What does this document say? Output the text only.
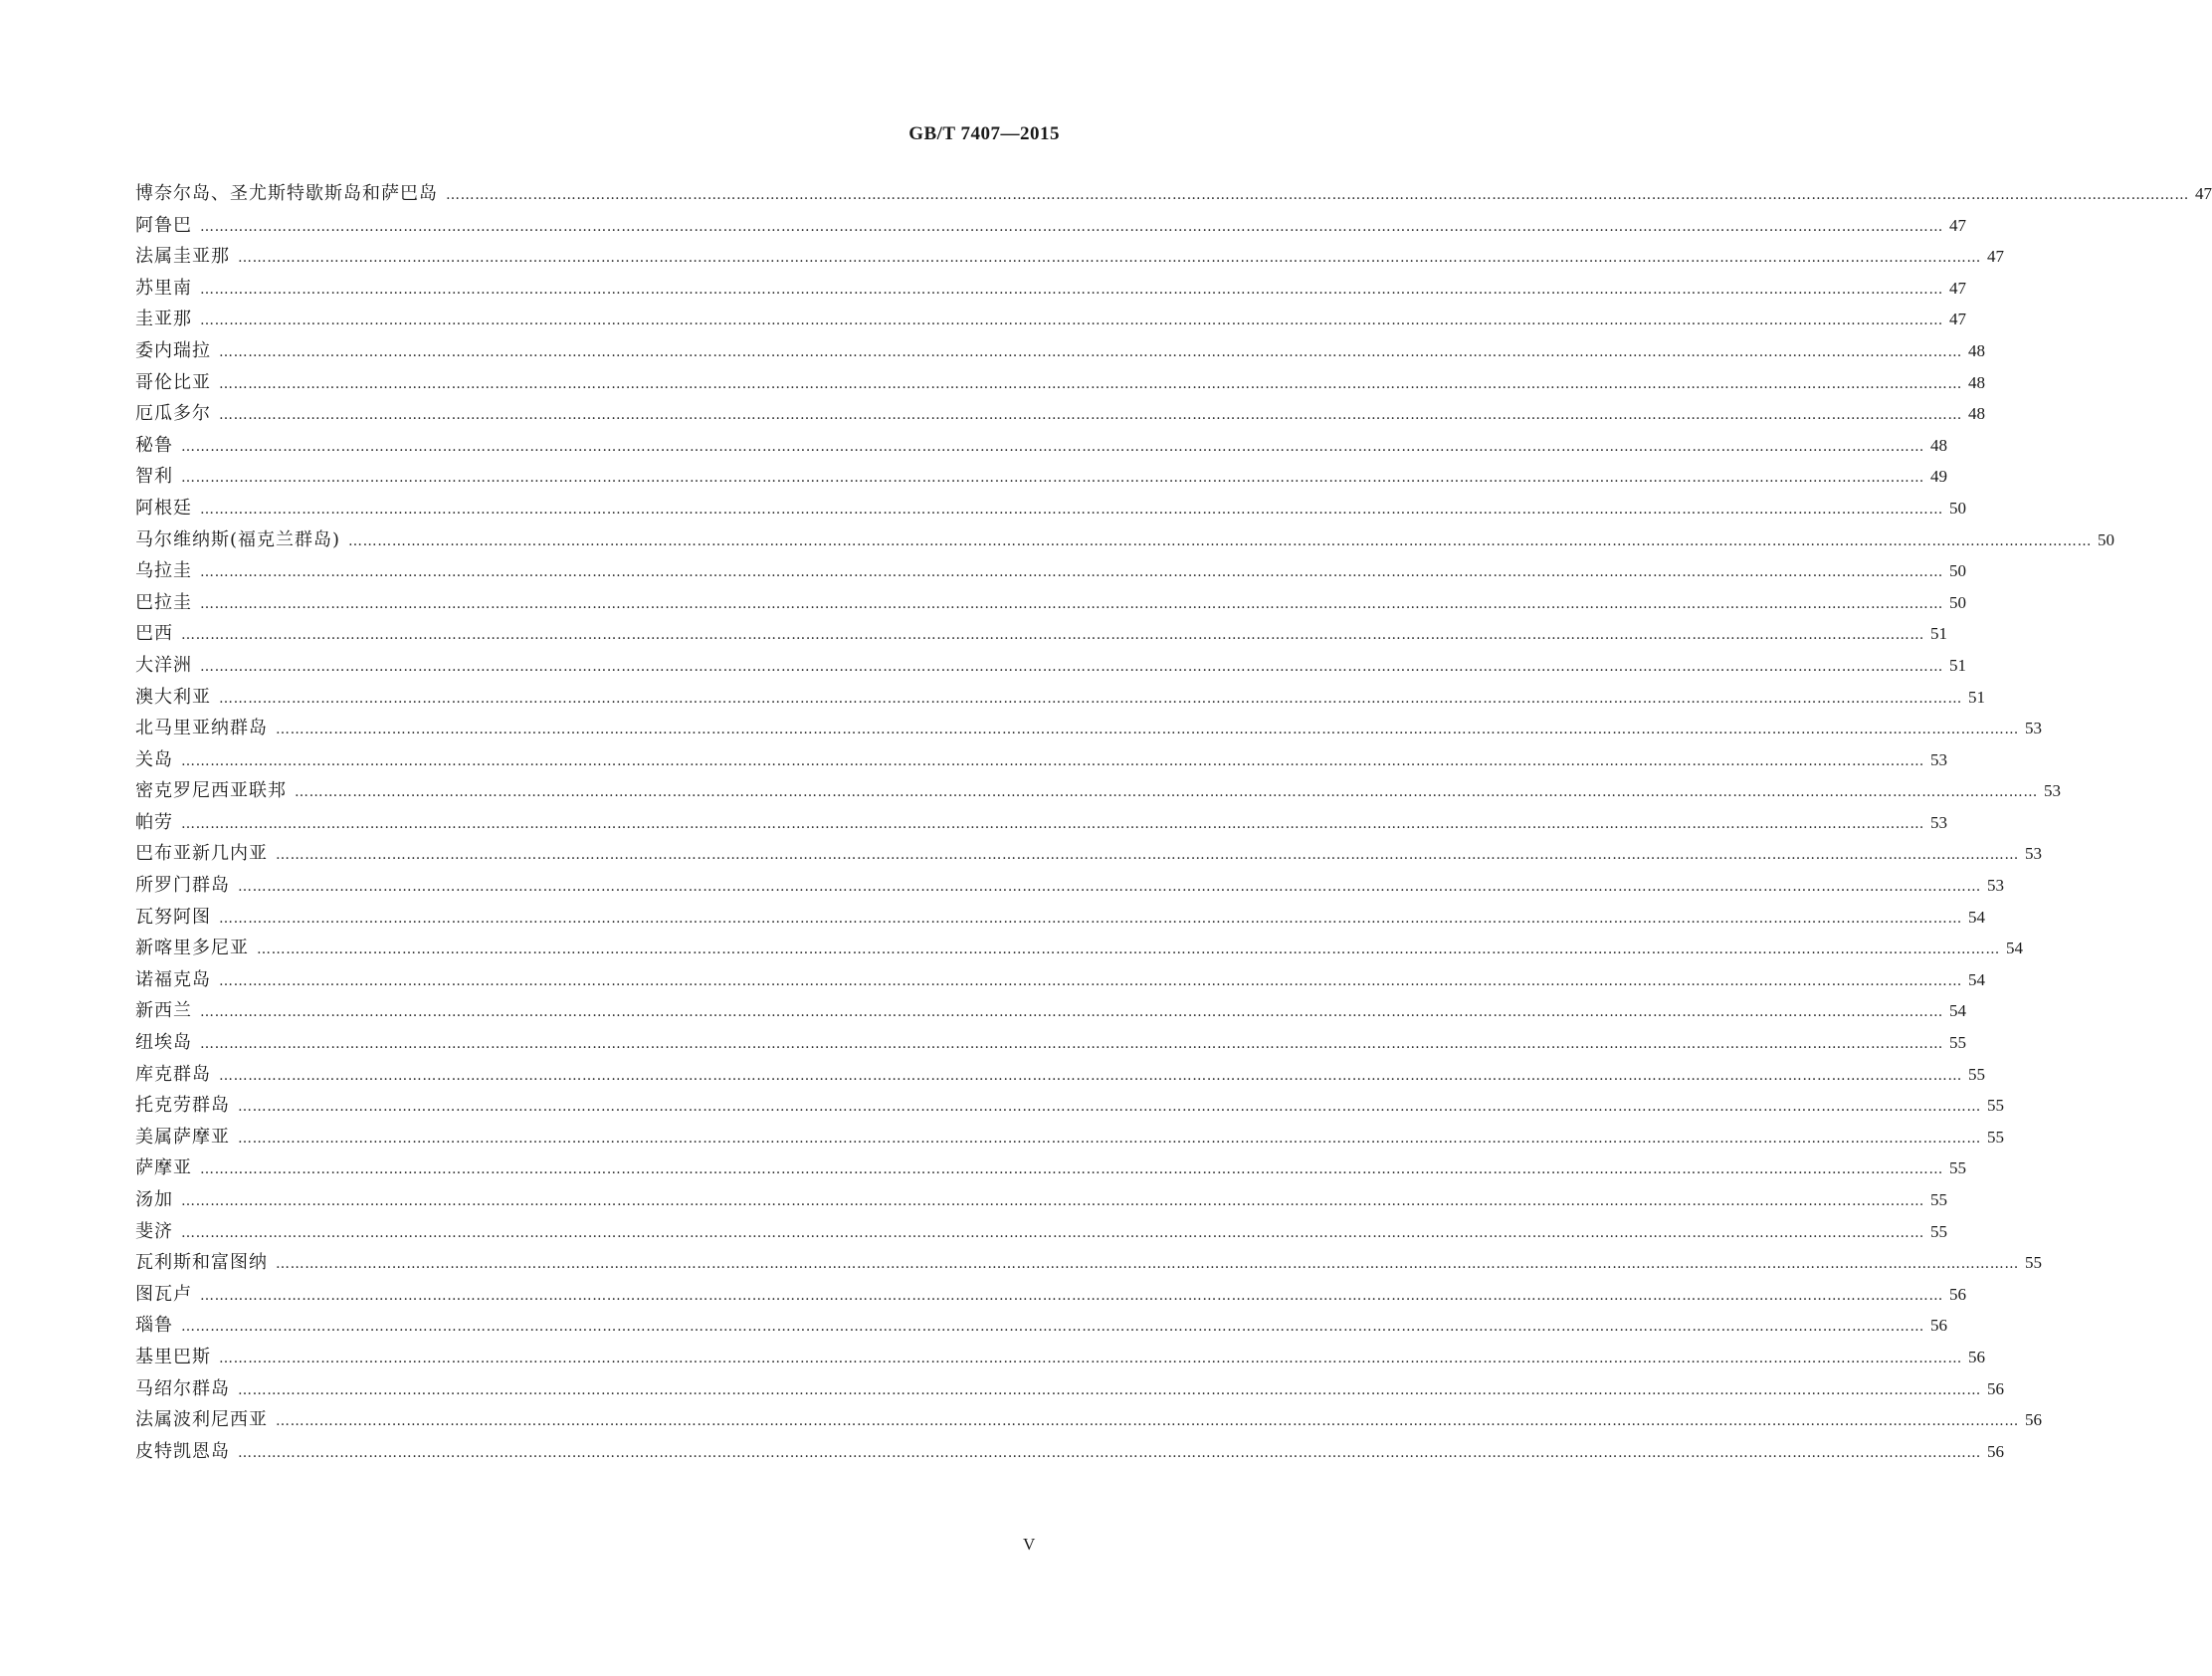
GB/T 7407—2015
博奈尔岛、圣尤斯特歇斯岛和萨巴岛 ……………………………………………………………………………………………………………………………………………………………………………………………………………………………………………………………………………………………………………………………… 47
阿鲁巴 ……………………………………………………………………………………………………………………………………………………………………………………………………………………………………………………………………………………………………………………………… 47
法属圭亚那 ……………………………………………………………………………………………………………………………………………………………………………………………………………………………………………………………………………………………………………………………… 47
苏里南 ……………………………………………………………………………………………………………………………………………………………………………………………………………………………………………………………………………………………………………………………… 47
圭亚那 ……………………………………………………………………………………………………………………………………………………………………………………………………………………………………………………………………………………………………………………………… 47
委内瑞拉 ……………………………………………………………………………………………………………………………………………………………………………………………………………………………………………………………………………………………………………………………… 48
哥伦比亚 ……………………………………………………………………………………………………………………………………………………………………………………………………………………………………………………………………………………………………………………………… 48
厄瓜多尔 ……………………………………………………………………………………………………………………………………………………………………………………………………………………………………………………………………………………………………………………………… 48
秘鲁 ……………………………………………………………………………………………………………………………………………………………………………………………………………………………………………………………………………………………………………………………… 48
智利 ……………………………………………………………………………………………………………………………………………………………………………………………………………………………………………………………………………………………………………………………… 49
阿根廷 ……………………………………………………………………………………………………………………………………………………………………………………………………………………………………………………………………………………………………………………………… 50
马尔维纳斯(福克兰群岛) ……………………………………………………………………………………………………………………………………………………………………………………………………………………………………………………………………………………………………………………………… 50
乌拉圭 ……………………………………………………………………………………………………………………………………………………………………………………………………………………………………………………………………………………………………………………………… 50
巴拉圭 ……………………………………………………………………………………………………………………………………………………………………………………………………………………………………………………………………………………………………………………………… 50
巴西 ……………………………………………………………………………………………………………………………………………………………………………………………………………………………………………………………………………………………………………………………… 51
大洋洲 ……………………………………………………………………………………………………………………………………………………………………………………………………………………………………………………………………………………………………………………………… 51
澳大利亚 ……………………………………………………………………………………………………………………………………………………………………………………………………………………………………………………………………………………………………………………………… 51
北马里亚纳群岛 ……………………………………………………………………………………………………………………………………………………………………………………………………………………………………………………………………………………………………………………………… 53
关岛 ……………………………………………………………………………………………………………………………………………………………………………………………………………………………………………………………………………………………………………………………… 53
密克罗尼西亚联邦 ……………………………………………………………………………………………………………………………………………………………………………………………………………………………………………………………………………………………………………………………… 53
帕劳 ……………………………………………………………………………………………………………………………………………………………………………………………………………………………………………………………………………………………………………………………… 53
巴布亚新几内亚 ……………………………………………………………………………………………………………………………………………………………………………………………………………………………………………………………………………………………………………………………… 53
所罗门群岛 ……………………………………………………………………………………………………………………………………………………………………………………………………………………………………………………………………………………………………………………………… 53
瓦努阿图 ……………………………………………………………………………………………………………………………………………………………………………………………………………………………………………………………………………………………………………………………… 54
新喀里多尼亚 ……………………………………………………………………………………………………………………………………………………………………………………………………………………………………………………………………………………………………………………………… 54
诺福克岛 ……………………………………………………………………………………………………………………………………………………………………………………………………………………………………………………………………………………………………………………………… 54
新西兰 ……………………………………………………………………………………………………………………………………………………………………………………………………………………………………………………………………………………………………………………………… 54
纽埃岛 ……………………………………………………………………………………………………………………………………………………………………………………………………………………………………………………………………………………………………………………………… 55
库克群岛 ……………………………………………………………………………………………………………………………………………………………………………………………………………………………………………………………………………………………………………………………… 55
托克劳群岛 ……………………………………………………………………………………………………………………………………………………………………………………………………………………………………………………………………………………………………………………………… 55
美属萨摩亚 ……………………………………………………………………………………………………………………………………………………………………………………………………………………………………………………………………………………………………………………………… 55
萨摩亚 ……………………………………………………………………………………………………………………………………………………………………………………………………………………………………………………………………………………………………………………………… 55
汤加 ……………………………………………………………………………………………………………………………………………………………………………………………………………………………………………………………………………………………………………………………… 55
斐济 ……………………………………………………………………………………………………………………………………………………………………………………………………………………………………………………………………………………………………………………………… 55
瓦利斯和富图纳 ……………………………………………………………………………………………………………………………………………………………………………………………………………………………………………………………………………………………………………………………… 55
图瓦卢 ……………………………………………………………………………………………………………………………………………………………………………………………………………………………………………………………………………………………………………………………… 56
瑙鲁 ……………………………………………………………………………………………………………………………………………………………………………………………………………………………………………………………………………………………………………………………… 56
基里巴斯 ……………………………………………………………………………………………………………………………………………………………………………………………………………………………………………………………………………………………………………………………… 56
马绍尔群岛 ……………………………………………………………………………………………………………………………………………………………………………………………………………………………………………………………………………………………………………………………… 56
法属波利尼西亚 ……………………………………………………………………………………………………………………………………………………………………………………………………………………………………………………………………………………………………………………………… 56
皮特凯恩岛 ……………………………………………………………………………………………………………………………………………………………………………………………………………………………………………………………………………………………………………………………… 56
V
